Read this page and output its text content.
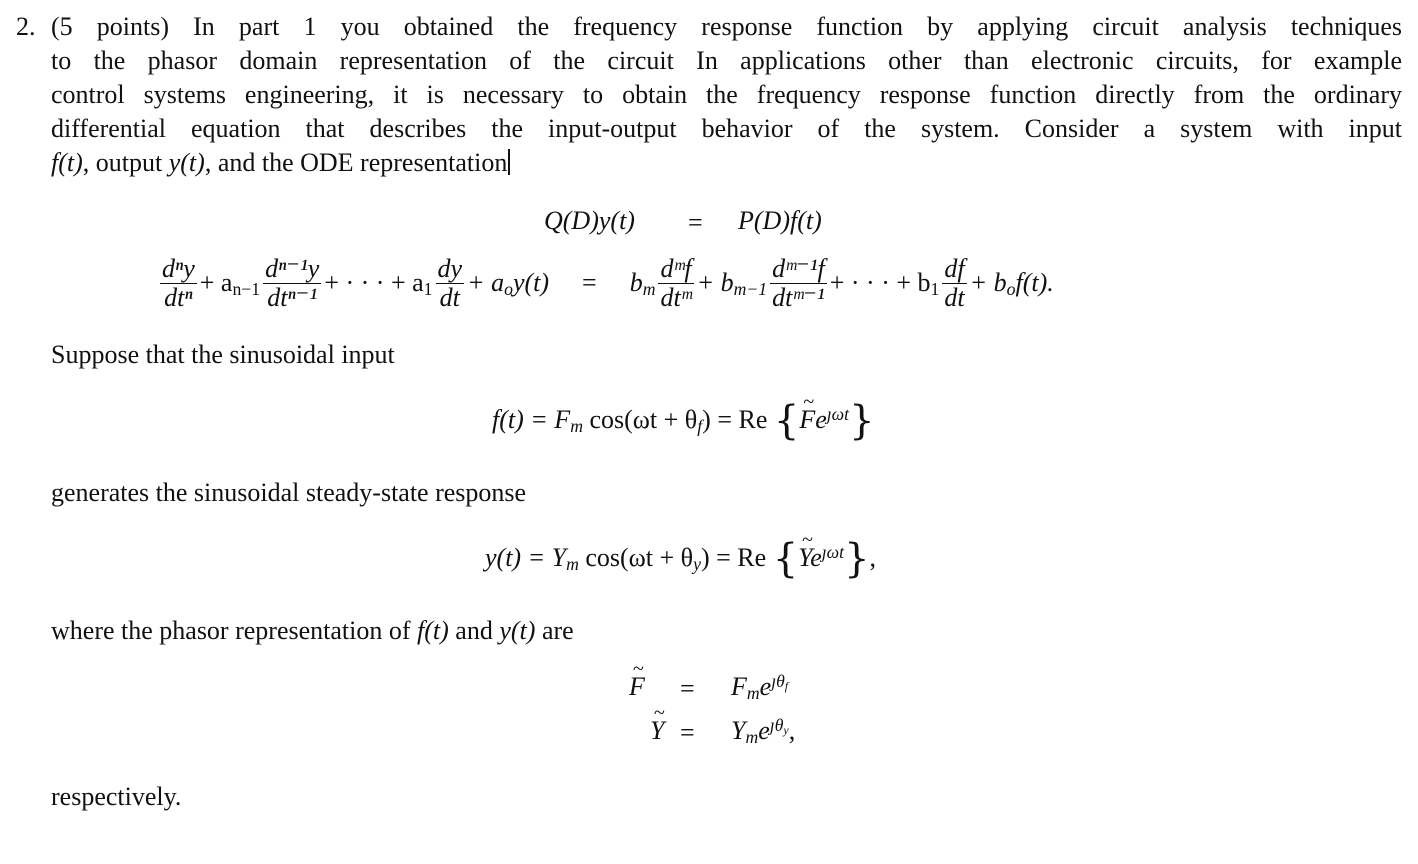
2. (5 points) In part 1 you obtained the frequency response function by applying circuit analysis techniques
to the phasor domain representation of the circuit In applications other than electronic circuits, for example
control systems engineering, it is necessary to obtain the frequency response function directly from the ordinary
differential equation that describes the input-output behavior of the system. Consider a system with input
f(t), output y(t), and the ODE representation
Q(D)y(t) = P(D)f(t)
$\frac{\text{dⁿy}}{\text{dtⁿ}} + a_{n-1} \frac{\text{dⁿ⁻¹y}}{\text{dtⁿ⁻¹}}$ + · · · + $a_1 \frac{dy}{dt} + a_oy(t)$	=	$b_m \frac{\text{dᵐf}}{\text{dtᵐ}} + b_{m-1} \frac{\text{dᵐ⁻¹f}}{\text{dtᵐ⁻¹}}$ + · · · + $b_1 \frac{df}{dt} + b_of(t)$.
Suppose that the sinusoidal input
$f(t) = F_m$ $\cos(\omega t + \theta_f) = Re$ {~ $Fe^{ȷ\omega t}$}
generates the sinusoidal steady-state response
$y(t) = Y_m$ $\cos(\omega t + \theta_y) = Re$ {~ $Ye^{ȷ\omega t}$},
where the phasor representation of f(t) and y(t) are
~ $F = F_me^{ȷ\theta_f}$
~ $Y = Y_me^{ȷ\theta_y}$,
respectively.
